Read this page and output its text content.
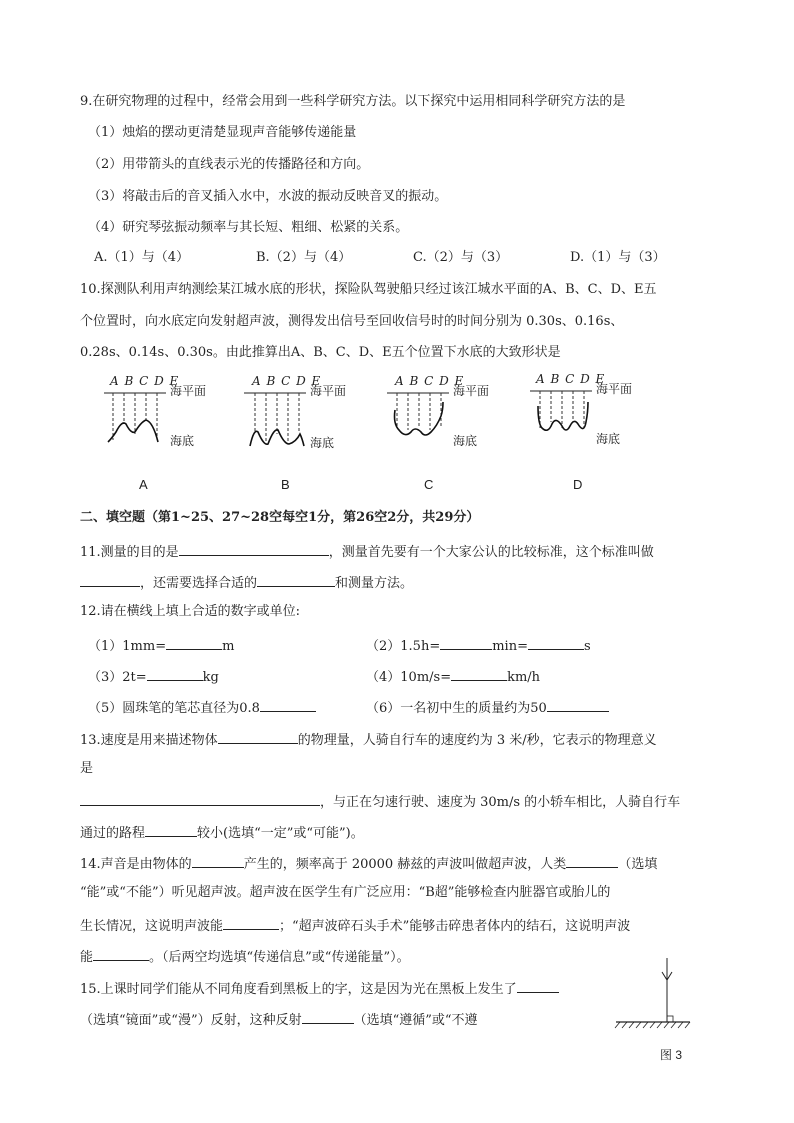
9.在研究物理的过程中，经常会用到一些科学研究方法。以下探究中运用相同科学研究方法的是
（1）烛焰的摆动更清楚显现声音能够传递能量
（2）用带箭头的直线表示光的传播路径和方向。
（3）将敲击后的音叉插入水中，水波的振动反映音叉的振动。
（4）研究琴弦振动频率与其长短、粗细、松紧的关系。
A.（1）与（4）	B.（2）与（4）	C.（2）与（3）	D.（1）与（3）
10.探测队利用声纳测绘某江城水底的形状，探险队驾驶船只经过该江城水平面的A、B、C、D、E五
个位置时，向水底定向发射超声波，测得发出信号至回收信号时的时间分别为 0.30s、0.16s、
0.28s、0.14s、0.30s。由此推算出A、B、C、D、E五个位置下水底的大致形状是
A B C D E
海平面
海底
A B C D E
海平面
海底
A B C D E
海平面
海底
A B C D E
海平面
海底
A	B	C	D
二、填空题（第1~25、27~28空每空1分，第26空2分，共29分）
11.测量的目的是	，测量首先要有一个大家公认的比较标准，这个标准叫做
，还需要选择合适的	和测量方法。
12.请在横线上填上合适的数字或单位:
（1）1mm=	m	（2）1.5h=	min=	s
（3）2t=	kg	（4）10m/s=	km/h
（5）圆珠笔的笔芯直径为0.8	（6）一名初中生的质量约为50
13.速度是用来描述物体	的物理量，人骑自行车的速度约为 3 米/秒，它表示的物理意义
是
，与正在匀速行驶、速度为 30m/s 的小轿车相比，人骑自行车
通过的路程	较小(选填“一定”或“可能”)。
14.声音是由物体的	产生的，频率高于 20000 赫兹的声波叫做超声波，人类	（选填
“能”或“不能”）听见超声波。超声波在医学生有广泛应用：“B超”能够检查内脏器官或胎儿的
生长情况，这说明声波能	；“超声波碎石头手术”能够击碎患者体内的结石，这说明声波
能	。（后两空均选填“传递信息”或“传递能量”）。
15.上课时同学们能从不同角度看到黑板上的字，这是因为光在黑板上发生了
（选填“镜面”或“漫”）反射，这种反射	（选填“遵循”或“不遵
图 3
